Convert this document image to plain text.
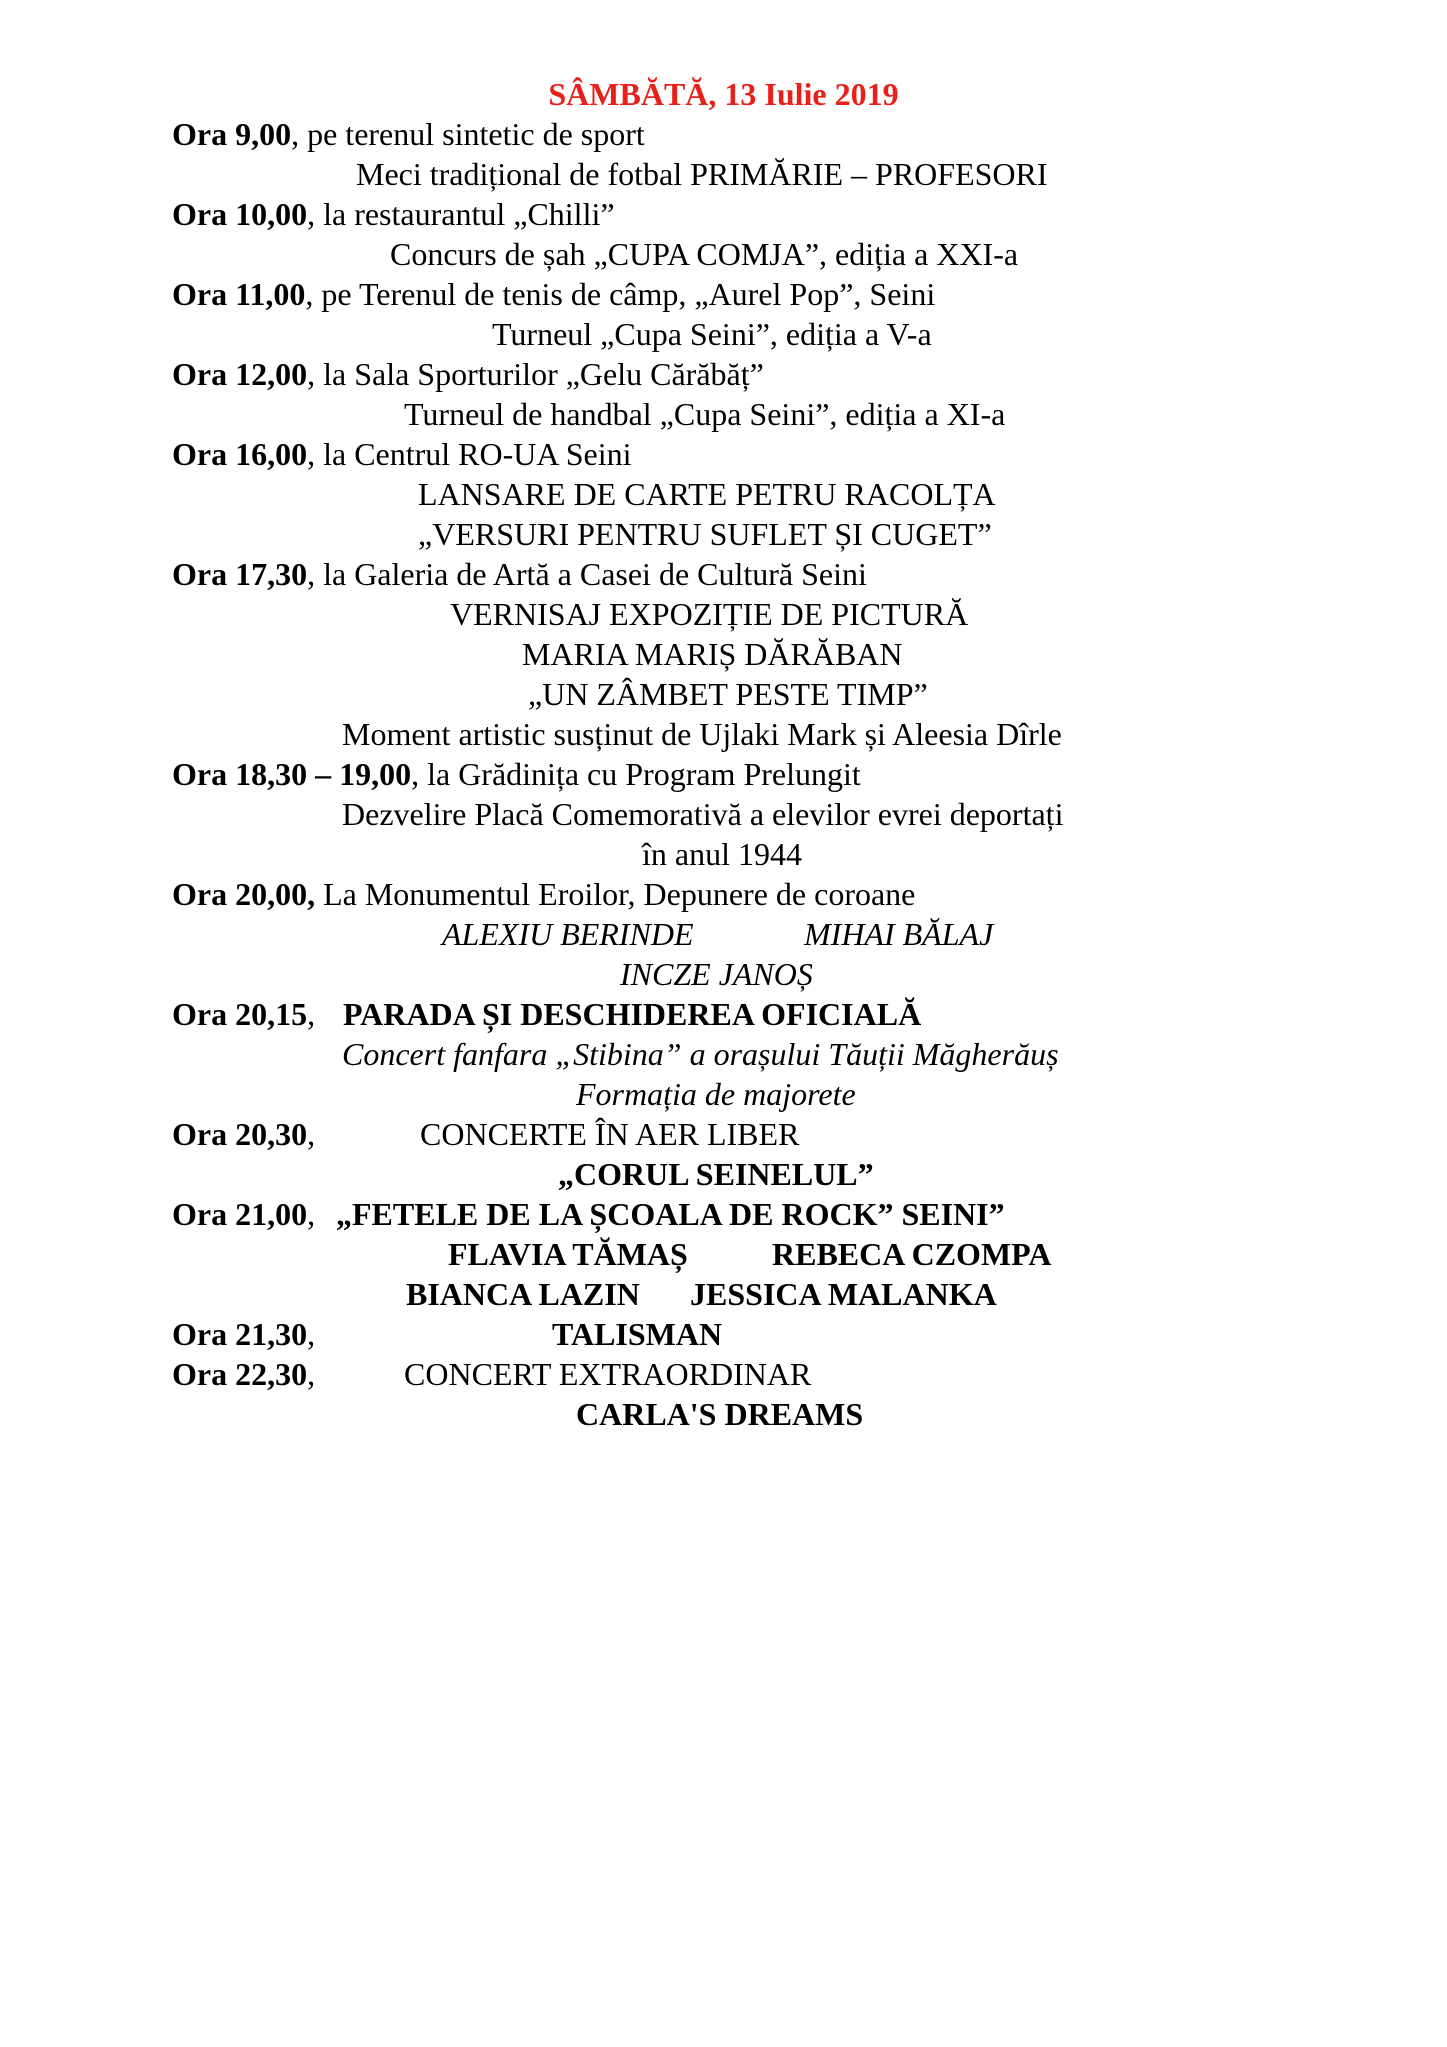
SÂMBĂTĂ, 13 Iulie 2019
Ora 9,00, pe terenul sintetic de sport
Meci tradițional de fotbal PRIMĂRIE – PROFESORI
Ora 10,00, la restaurantul „Chilli”
Concurs de șah „CUPA COMJA”, ediția a XXI-a
Ora 11,00, pe Terenul de tenis de câmp, „Aurel Pop”, Seini
Turneul „Cupa Seini”, ediția a V-a
Ora 12,00, la Sala Sporturilor „Gelu Cărăbăț”
Turneul de handbal „Cupa Seini”, ediția a XI-a
Ora 16,00, la Centrul RO-UA Seini
LANSARE DE CARTE PETRU RACOLȚA
„VERSURI PENTRU SUFLET ȘI CUGET”
Ora 17,30, la Galeria de Artă a Casei de Cultură Seini
VERNISAJ EXPOZIȚIE DE PICTURĂ
MARIA MARIȘ DĂRĂBAN
„UN ZÂMBET PESTE TIMP”
Moment artistic susținut de Ujlaki Mark și Aleesia Dîrle
Ora 18,30 – 19,00, la Grădinița cu Program Prelungit
Dezvelire Placă Comemorativă a elevilor evrei deportați
în anul 1944
Ora 20,00, La Monumentul Eroilor, Depunere de coroane
ALEXIU BERINDE	MIHAI BĂLAJ
INCZE JANOȘ
Ora 20,15, PARADA ȘI DESCHIDEREA OFICIALĂ
Concert fanfara „Stibina” a orașului Tăuții Măgherăuș
Formația de majorete
Ora 20,30,	CONCERTE ÎN AER LIBER
„CORUL SEINELUL”
Ora 21,00, „FETELE DE LA ȘCOALA DE ROCK” SEINI”
FLAVIA TĂMAȘ	REBECA CZOMPA
BIANCA LAZIN JESSICA MALANKA
Ora 21,30,	TALISMAN
Ora 22,30,	CONCERT EXTRAORDINAR
CARLA'S DREAMS
